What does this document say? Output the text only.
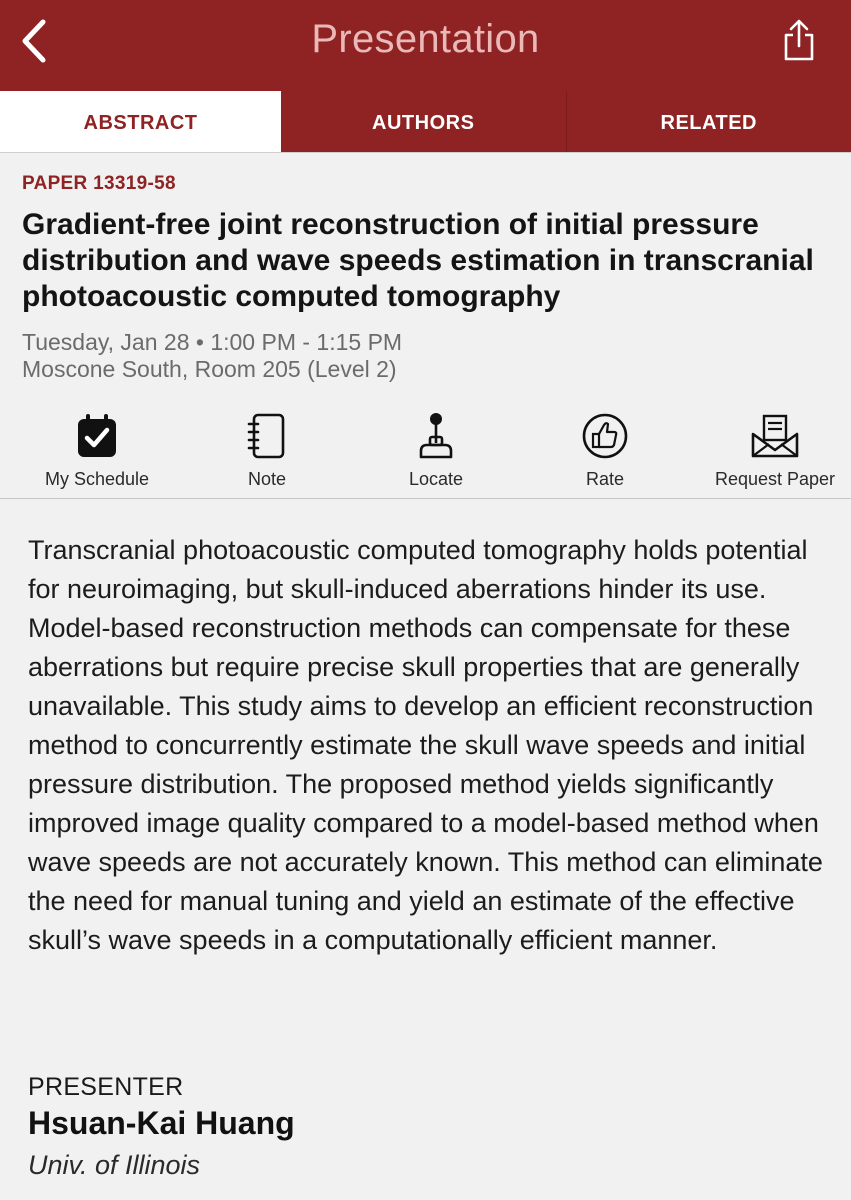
Presentation
ABSTRACT	AUTHORS	RELATED
PAPER 13319-58
Gradient-free joint reconstruction of initial pressure distribution and wave speeds estimation in transcranial photoacoustic computed tomography
Tuesday, Jan 28 • 1:00 PM - 1:15 PM
Moscone South, Room 205 (Level 2)
My Schedule	Note	Locate	Rate	Request Paper
Transcranial photoacoustic computed tomography holds potential for neuroimaging, but skull-induced aberrations hinder its use. Model-based reconstruction methods can compensate for these aberrations but require precise skull properties that are generally unavailable. This study aims to develop an efficient reconstruction method to concurrently estimate the skull wave speeds and initial pressure distribution. The proposed method yields significantly improved image quality compared to a model-based method when wave speeds are not accurately known. This method can eliminate the need for manual tuning and yield an estimate of the effective skull’s wave speeds in a computationally efficient manner.
PRESENTER
Hsuan-Kai Huang
Univ. of Illinois
